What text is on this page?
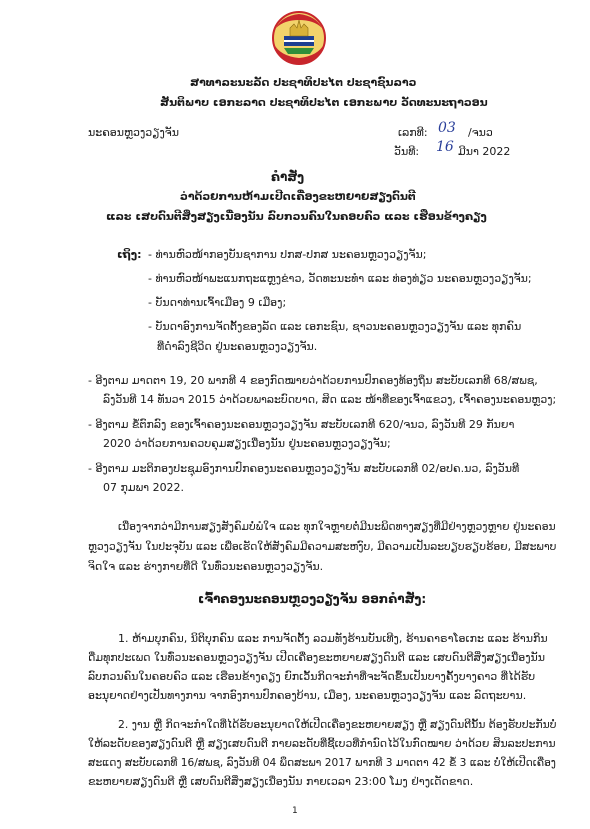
ສາທາລະນະລັດ ປະຊາທິປະໄຕ ປະຊາຊົນລາວ
ສັນຕິພາບ ເອກະລາດ ປະຊາທິປະໄຕ ເອກະພາບ ວັດທະນະຖາວອນ
ນະຄອນຫຼວງວຽງຈັນ	ເລກທີ: 03 /ຈນວ
ວັນທີ: 16 ມີນາ 2022
ຄໍາສັ່ງ
ວ່າດ້ວຍການຫ້າມເປີດເຄື່ອງຂະຫຍາຍສຽງດົນຕີ
ແລະ ເສບດົນຕີສິ່ງສຽງເນື່ອງນັນ ລົບກວນຄົນໃນຄອບຄົວ ແລະ ເຮືອນຂ້າງຄຽງ
ເຖິງ: - ທ່ານຫົວໜ້າກອງບັນຊາການ ປກສ-ປກສ ນະຄອນຫຼວງວຽງຈັນ;
- ທ່ານຫົວໜ້າພະແນກຖະແຫຼງຂ່າວ, ວັດທະນະທຳ ແລະ ທ່ອງທ່ຽວ ນະຄອນຫຼວງວຽງຈັນ;
- ບັນດາທ່ານເຈົ້າເມືອງ 9 ເມືອງ;
- ບັນດາອົງການຈັດຕັ້ງຂອງລັດ ແລະ ເອກະຊົນ, ຊາວນະຄອນຫຼວງວຽງຈັນ ແລະ ທຸກຄົນ
ທີ່ດຳລົງຊີວິດ ຢູ່ນະຄອນຫຼວງວຽງຈັນ.
- ອີງຕາມ ມາດຕາ 19, 20 ພາກທີ 4 ຂອງກົດໝາຍວ່າດ້ວຍການປົກຄອງທ້ອງຖິ່ນ ສະບັບເລກທີ 68/ສພຊ,
ລົງວັນທີ 14 ທັນວາ 2015 ວ່າດ້ວຍພາລະບົດບາດ, ສິດ ແລະ ໜ້າທີ່ຂອງເຈົ້າແຂວງ, ເຈົ້າຄອງນະຄອນຫຼວງ;
- ອີງຕາມ ຂໍ້ຕົກລົງ ຂອງເຈົ້າຄອງນະຄອນຫຼວງວຽງຈັນ ສະບັບເລກທີ 620/ຈນວ, ລົງວັນທີ 29 ກັນຍາ
2020 ວ່າດ້ວຍການຄວບຄຸມສຽງເນື່ອງນັນ ຢູ່ນະຄອນຫຼວງວຽງຈັນ;
- ອີງຕາມ ມະຕິກອງປະຊຸມອົງການປົກຄອງນະຄອນຫຼວງວຽງຈັນ ສະບັບເລກທີ 02/ອປຄ.ນວ, ລົງວັນທີ
07 ກຸມພາ 2022.
ເນື່ອງຈາກວ່າມີການສຽງສັງຄົມບໍ່ພໍໃຈ ແລະ ທຸກໃຈຫຼາຍຕໍ່ມີນະພິດທາງສຽງທີ່ມີຢ່າງຫຼວງຫຼາຍ ຢູ່ນະຄອນ
ຫຼວງວຽງຈັນ ໃນປະຈຸບັນ ແລະ ເພື່ອເຮັດໃຫ້ສັງຄົມມີຄວາມສະຫງົບ, ມີຄວາມເປັນລະບຽບຮຽບຮ້ອຍ, ມີສະພາບ
ຈິດໃຈ ແລະ ຮ່າງກາຍທີ່ດີ ໃນທົ່ວນະຄອນຫຼວງວຽງຈັນ.
ເຈົ້າຄອງນະຄອນຫຼວງວຽງຈັນ ອອກຄຳສັ່ງ:
1. ຫ້າມບຸກຄົນ, ນິຕິບຸກຄົນ ແລະ ການຈັດຕັ້ງ ລວມທັງຮ້ານບັນເທີງ, ຮ້ານຄາຣາໂອເກະ ແລະ ຮ້ານກິນ
ດື່ມທຸກປະເພດ ໃນທົ່ວນະຄອນຫຼວງວຽງຈັນ ເປີດເຄື່ອງຂະຫຍາຍສຽງດົນຕີ ແລະ ເສບດົນຕີສິ່ງສຽງເນື່ອງນັນ
ລົບກວນຄົນໃນຄອບຄົວ ແລະ ເຮືອນຂ້າງຄຽງ ຍົກເວັ້ນກິດຈະກຳທີ່ຈະຈັດຂຶ້ນເປັນບາງຄັ້ງບາງຄາວ ທີ່ໄດ້ຮັບ
ອະນຸຍາດຢ່າງເປັນທາງການ ຈາກອົງການປົກຄອງບ້ານ, ເມືອງ, ນະຄອນຫຼວງວຽງຈັນ ແລະ ລົດຖະບານ.
2. ງານ ຫຼື ກິດຈະກຳໃດທີ່ໄດ້ຮັບອະນຸຍາດໃຫ້ເປີດເຄື່ອງຂະຫຍາຍສຽງ ຫຼື ສຽງດົນຕີນັ້ນ ຕ້ອງຮັບປະກັນບໍ່
ໃຫ້ລະດັບຂອງສຽງດົນຕີ ຫຼື ສຽງເສບດົນຕີ ກາຍລະດັບທີ່ຊີ້ເບວທີ່ກຳນົດໄວ້ໃນກົດໝາຍ ວ່າດ້ວຍ ສິນລະປະການ
ສະແດງ ສະບັບເລກທີ 16/ສພຊ, ລົງວັນທີ 04 ພຶດສະພາ 2017 ພາກທີ 3 ມາດຕາ 42 ຂໍ້ 3 ແລະ ບໍ່ໃຫ້ເປີດເຄື່ອງ
ຂະຫຍາຍສຽງດົນຕີ ຫຼື ເສບດົນຕີສິ່ງສຽງເນື່ອງນັນ ກາຍເວລາ 23:00 ໂມງ ຢ່າງເດັດຂາດ.
1
